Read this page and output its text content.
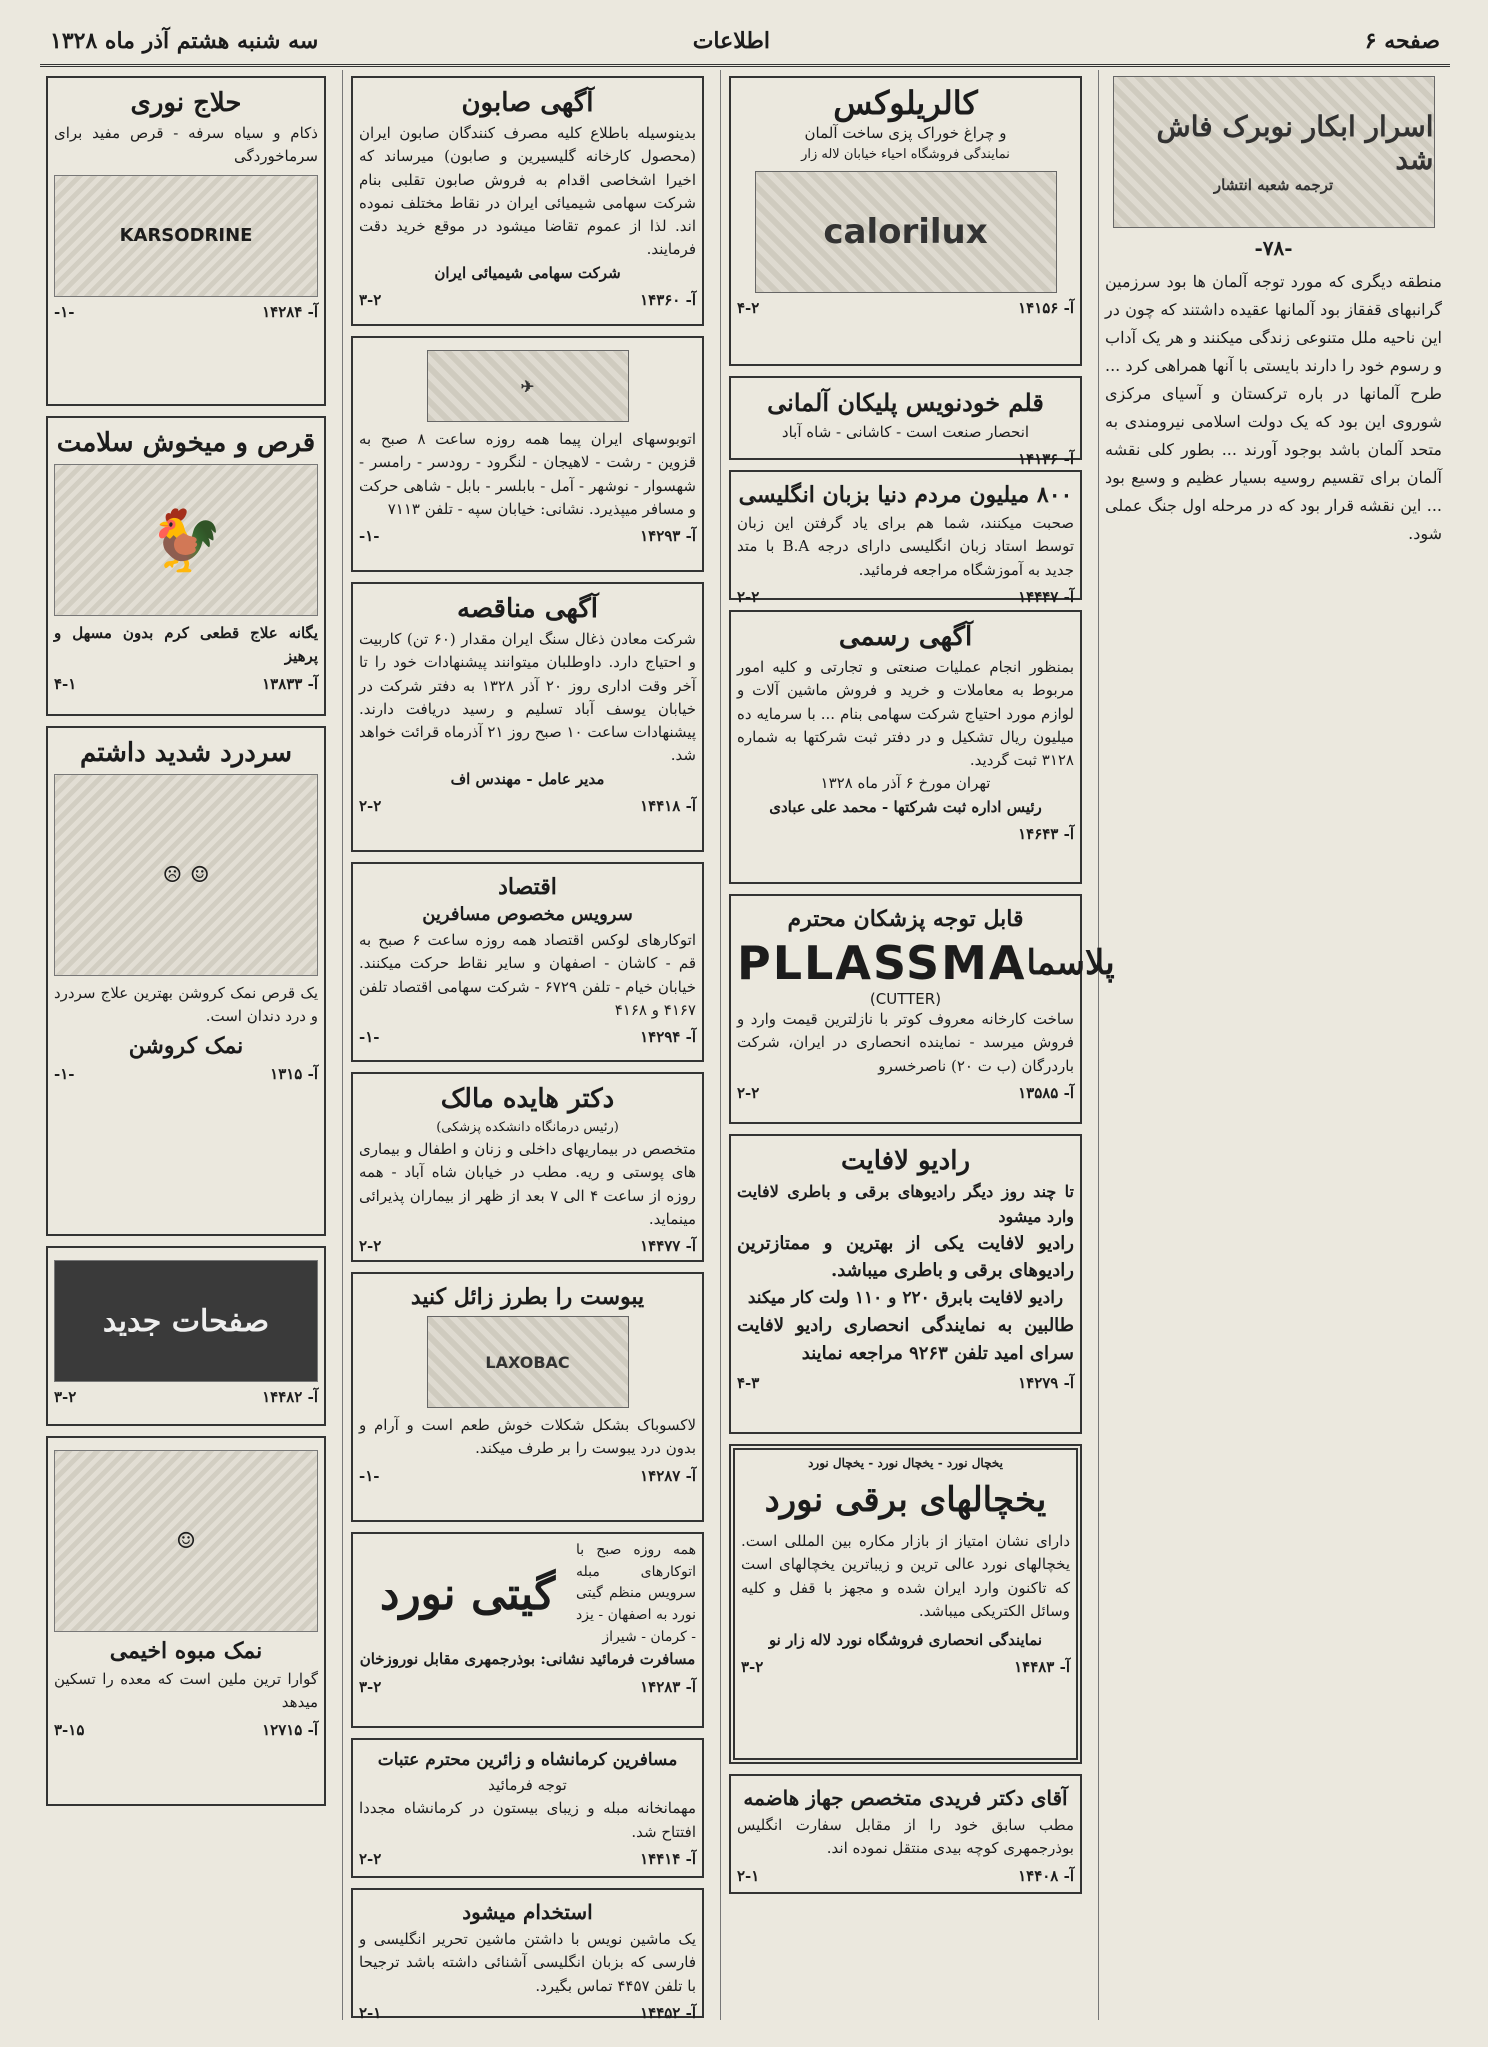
صفحه ۶
اطلاعات
سه شنبه هشتم آذر ماه ۱۳۲۸
اسرار ابکار نوبرک فاش شد
ترجمه شعبه انتشار
-۷۸-
منطقه دیگری که مورد توجه آلمان ها بود سرزمین گرانبهای قفقاز بود آلمانها عقیده داشتند که چون در این ناحیه ملل متنوعی زندگی میکنند و هر یک آداب و رسوم خود را دارند بایستی با آنها همراهی کرد ... طرح آلمانها در باره ترکستان و آسیای مرکزی شوروی این بود که یک دولت اسلامی نیرومندی به متحد آلمان باشد بوجود آورند ... بطور کلی نقشه آلمان برای تقسیم روسیه بسیار عظیم و وسیع بود ... این نقشه قرار بود که در مرحله اول جنگ عملی شود.
کالریلوکس
و چراغ خوراک پزی ساخت آلمان
نمایندگی فروشگاه احیاء خیابان لاله زار
calorilux
آ- ۱۴۱۵۶
۴-۲
قلم خودنویس پلیکان آلمانی
انحصار صنعت است - کاشانی - شاه آباد
آ- ۱۴۱۳۶
۸۰۰ میلیون مردم دنیا بزبان انگلیسی
صحبت میکنند، شما هم برای یاد گرفتن این زبان توسط استاد زبان انگلیسی دارای درجه B.A با متد جدید به آموزشگاه مراجعه فرمائید.
آ- ۱۴۴۴۷
۲-۲
آگهی رسمی
بمنظور انجام عملیات صنعتی و تجارتی و کلیه امور مربوط به معاملات و خرید و فروش ماشین آلات و لوازم مورد احتیاج شرکت سهامی بنام ... با سرمایه ده میلیون ریال تشکیل و در دفتر ثبت شرکتها به شماره ۳۱۲۸ ثبت گردید.
تهران مورخ ۶ آذر ماه ۱۳۲۸
رئیس اداره ثبت شرکتها - محمد علی عبادی
آ- ۱۴۶۴۳
قابل توجه پزشکان محترم
PLLASSMA پلاسما
(CUTTER)
ساخت کارخانه معروف کوتر با نازلترین قیمت وارد و فروش میرسد - نماینده انحصاری در ایران، شرکت باردرگان (ب ت ۲۰) ناصرخسرو
آ- ۱۳۵۸۵
۲-۲
رادیو لافایت
تا چند روز دیگر رادیوهای برقی و باطری لافایت وارد میشود
رادیو لافایت یکی از بهترین و ممتازترین رادیوهای برقی و باطری میباشد.
رادیو لافایت بابرق ۲۲۰ و ۱۱۰ ولت کار میکند
طالبین به نمایندگی انحصاری رادیو لافایت سرای امید تلفن ۹۲۶۳ مراجعه نمایند
آ- ۱۴۲۷۹
۴-۳
یخچال نورد - یخچال نورد - یخچال نورد
یخچالهای برقی نورد
دارای نشان امتیاز از بازار مکاره بین المللی است. یخچالهای نورد عالی ترین و زیباترین یخچالهای است که تاکنون وارد ایران شده و مجهز با قفل و کلیه وسائل الکتریکی میباشد.
نمایندگی انحصاری فروشگاه نورد لاله زار نو
آ- ۱۴۴۸۳
۳-۲
آقای دکتر فریدی متخصص جهاز هاضمه
مطب سابق خود را از مقابل سفارت انگلیس بوذرجمهری کوچه بیدی منتقل نموده اند.
آ- ۱۴۴۰۸
۲-۱
آگهی صابون
بدینوسیله باطلاع کلیه مصرف کنندگان صابون ایران (محصول کارخانه گلیسیرین و صابون) میرساند که اخیرا اشخاصی اقدام به فروش صابون تقلبی بنام شرکت سهامی شیمیائی ایران در نقاط مختلف نموده اند. لذا از عموم تقاضا میشود در موقع خرید دقت فرمایند.
شرکت سهامی شیمیائی ایران
آ- ۱۴۳۶۰
۳-۲
✈
اتوبوسهای ایران پیما همه روزه ساعت ۸ صبح به قزوین - رشت - لاهیجان - لنگرود - رودسر - رامسر - شهسوار - نوشهر - آمل - بابلسر - بابل - شاهی حرکت و مسافر میپذیرد. نشانی: خیابان سپه - تلفن ۷۱۱۳
آ- ۱۴۲۹۳
-۱-
آگهی مناقصه
شرکت معادن ذغال سنگ ایران مقدار (۶۰ تن) کاربیت و احتیاج دارد. داوطلبان میتوانند پیشنهادات خود را تا آخر وقت اداری روز ۲۰ آذر ۱۳۲۸ به دفتر شرکت در خیابان یوسف آباد تسلیم و رسید دریافت دارند. پیشنهادات ساعت ۱۰ صبح روز ۲۱ آذرماه قرائت خواهد شد.
مدیر عامل - مهندس اف
آ- ۱۴۴۱۸
۲-۲
اقتصاد
سرویس مخصوص مسافرین
اتوکارهای لوکس اقتصاد همه روزه ساعت ۶ صبح به قم - کاشان - اصفهان و سایر نقاط حرکت میکنند. خیابان خیام - تلفن ۶۷۲۹ - شرکت سهامی اقتصاد تلفن ۴۱۶۷ و ۴۱۶۸
آ- ۱۴۲۹۴
-۱-
دکتر هایده مالک
(رئیس درمانگاه دانشکده پزشکی)
متخصص در بیماریهای داخلی و زنان و اطفال و بیماری های پوستی و ریه. مطب در خیابان شاه آباد - همه روزه از ساعت ۴ الی ۷ بعد از ظهر از بیماران پذیرائی مینماید.
آ- ۱۴۴۷۷
۲-۲
یبوست را بطرز زائل کنید
LAXOBAC
لاکسوباک بشکل شکلات خوش طعم است و آرام و بدون درد یبوست را بر طرف میکند.
آ- ۱۴۲۸۷
-۱-
همه روزه صبح با اتوکارهای مبله سرویس منظم گیتی نورد به اصفهان - یزد - کرمان - شیراز
گیتی نورد
مسافرت فرمائید نشانی: بوذرجمهری مقابل نوروزخان
آ- ۱۴۲۸۳
۳-۲
مسافرین کرمانشاه و زائرین محترم عتبات
توجه فرمائید
مهمانخانه مبله و زیبای بیستون در کرمانشاه مجددا افتتاح شد.
آ- ۱۴۴۱۴
۲-۲
استخدام میشود
یک ماشین نویس با داشتن ماشین تحریر انگلیسی و فارسی که بزبان انگلیسی آشنائی داشته باشد ترجیحا با تلفن ۴۴۵۷ تماس بگیرد.
آ- ۱۴۴۵۲
۲-۱
حلاج نوری
ذکام و سیاه سرفه - قرص مفید برای سرماخوردگی
KARSODRINE
آ- ۱۴۲۸۴
-۱-
قرص و میخوش سلامت
🐓
یگانه علاج قطعی کرم بدون مسهل و پرهیز
آ- ۱۳۸۳۳
۴-۱
سردرد شدید داشتم
☺ ☹
یک قرص نمک کروشن بهترین علاج سردرد و درد دندان است.
نمک کروشن
آ- ۱۳۱۵
-۱-
صفحات جدید
آ- ۱۴۴۸۲
۳-۲
☺
نمک مبوه اخیمی
گوارا ترین ملین است که معده را تسکین میدهد
آ- ۱۲۷۱۵
۳-۱۵
